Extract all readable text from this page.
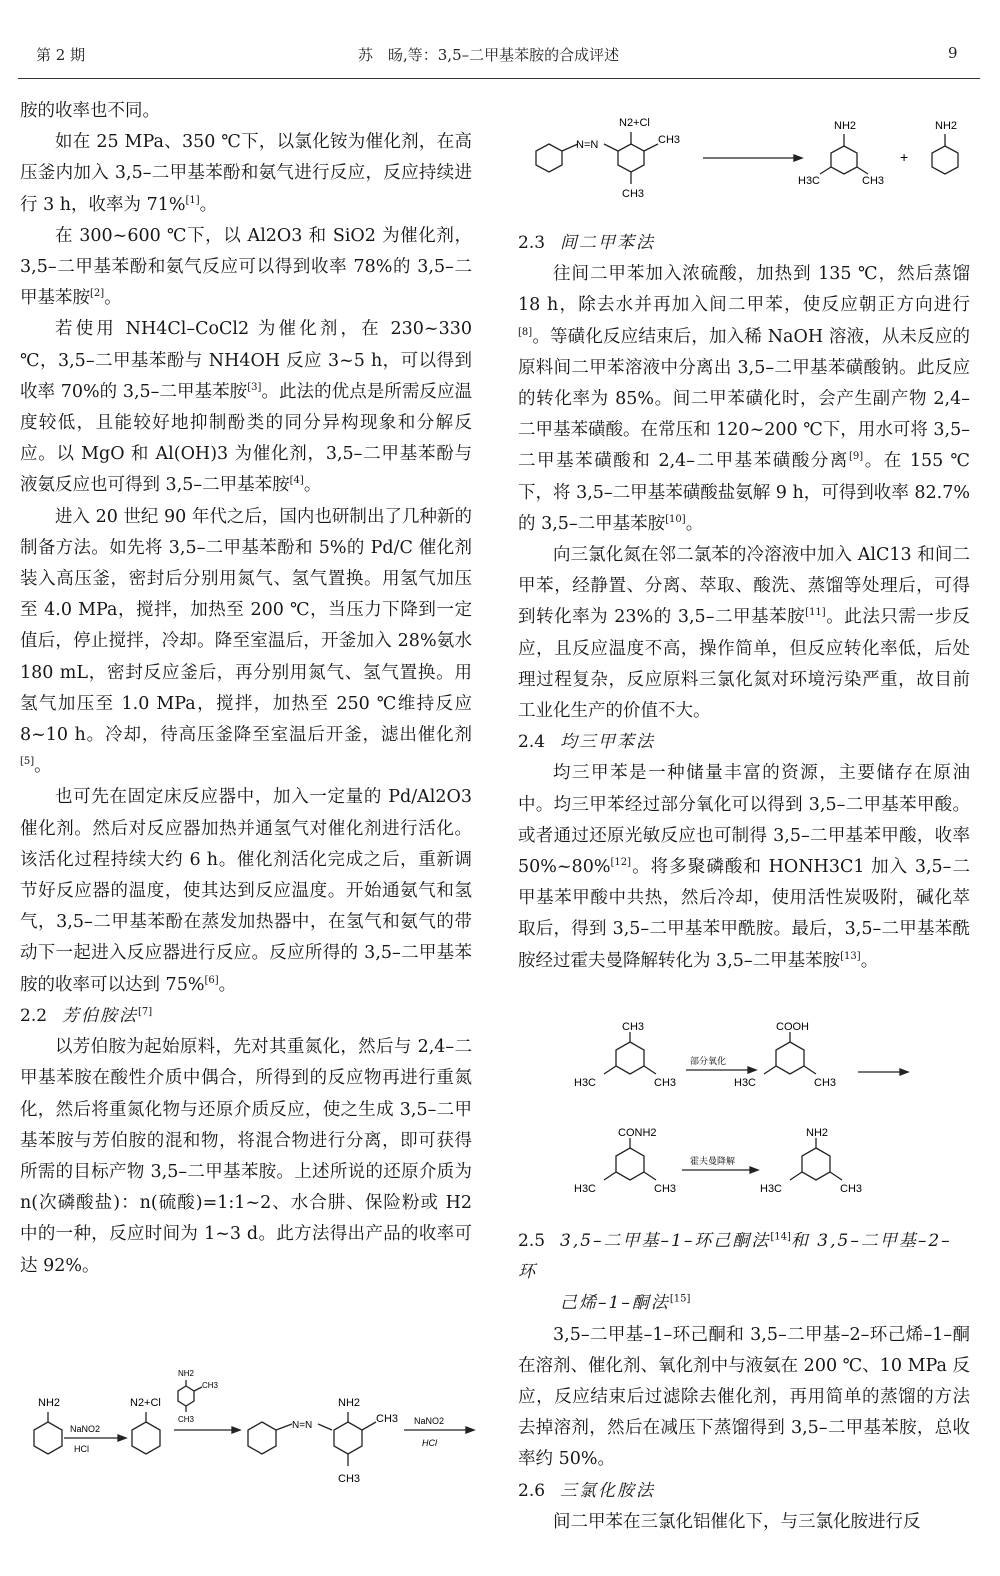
第 2 期	苏　旸,等：3,5–二甲基苯胺的合成评述	9

胺的收率也不同。

如在 25 MPa、350 ℃下，以氯化铵为催化剂，在高压釜内加入 3,5–二甲基苯酚和氨气进行反应，反应持续进行 3 h，收率为 71%[1]。

在 300~600 ℃下，以 Al2O3 和 SiO2 为催化剂，3,5–二甲基苯酚和氨气反应可以得到收率 78%的 3,5–二甲基苯胺[2]。

若使用 NH4Cl–CoCl2 为催化剂，在 230~330 ℃，3,5–二甲基苯酚与 NH4OH 反应 3~5 h，可以得到收率 70%的 3,5–二甲基苯胺[3]。此法的优点是所需反应温度较低，且能较好地抑制酚类的同分异构现象和分解反应。以 MgO 和 Al(OH)3 为催化剂，3,5–二甲基苯酚与液氨反应也可得到 3,5–二甲基苯胺[4]。

进入 20 世纪 90 年代之后，国内也研制出了几种新的制备方法。如先将 3,5–二甲基苯酚和 5%的 Pd/C 催化剂装入高压釜，密封后分别用氮气、氢气置换。用氢气加压至 4.0 MPa，搅拌，加热至 200 ℃，当压力下降到一定值后，停止搅拌，冷却。降至室温后，开釜加入 28%氨水 180 mL，密封反应釜后，再分别用氮气、氢气置换。用氢气加压至 1.0 MPa，搅拌，加热至 250 ℃维持反应 8~10 h。冷却，待高压釜降至室温后开釜，滤出催化剂[5]。

也可先在固定床反应器中，加入一定量的 Pd/Al2O3 催化剂。然后对反应器加热并通氢气对催化剂进行活化。该活化过程持续大约 6 h。催化剂活化完成之后，重新调节好反应器的温度，使其达到反应温度。开始通氨气和氢气，3,5–二甲基苯酚在蒸发加热器中，在氢气和氨气的带动下一起进入反应器进行反应。反应所得的 3,5–二甲基苯胺的收率可以达到 75%[6]。

2.2 芳伯胺法[7]

以芳伯胺为起始原料，先对其重氮化，然后与 2,4–二甲基苯胺在酸性介质中偶合，所得到的反应物再进行重氮化，然后将重氮化物与还原介质反应，使之生成 3,5–二甲基苯胺与芳伯胺的混和物，将混合物进行分离，即可获得所需的目标产物 3,5–二甲基苯胺。上述所说的还原介质为 n(次磷酸盐)：n(硫酸)=1:1~2、水合肼、保险粉或 H2 中的一种，反应时间为 1~3 d。此方法得出产品的收率可达 92%。

2.3 间二甲苯法

往间二甲苯加入浓硫酸，加热到 135 ℃，然后蒸馏 18 h，除去水并再加入间二甲苯，使反应朝正方向进行[8]。等磺化反应结束后，加入稀 NaOH 溶液，从未反应的原料间二甲苯溶液中分离出 3,5–二甲基苯磺酸钠。此反应的转化率为 85%。间二甲苯磺化时，会产生副产物 2,4–二甲基苯磺酸。在常压和 120~200 ℃下，用水可将 3,5–二甲基苯磺酸和 2,4–二甲基苯磺酸分离[9]。在 155 ℃下，将 3,5–二甲基苯磺酸盐氨解 9 h，可得到收率 82.7%的 3,5–二甲基苯胺[10]。

向三氯化氮在邻二氯苯的冷溶液中加入 AlC13 和间二甲苯，经静置、分离、萃取、酸洗、蒸馏等处理后，可得到转化率为 23%的 3,5–二甲基苯胺[11]。此法只需一步反应，且反应温度不高，操作简单，但反应转化率低，后处理过程复杂，反应原料三氯化氮对环境污染严重，故目前工业化生产的价值不大。

2.4 均三甲苯法

均三甲苯是一种储量丰富的资源，主要储存在原油中。均三甲苯经过部分氧化可以得到 3,5–二甲基苯甲酸。或者通过还原光敏反应也可制得 3,5–二甲基苯甲酸，收率 50%~80%[12]。将多聚磷酸和 HONH3C1 加入 3,5–二甲基苯甲酸中共热，然后冷却，使用活性炭吸附，碱化萃取后，得到 3,5–二甲基苯甲酰胺。最后，3,5–二甲基苯酰胺经过霍夫曼降解转化为 3,5–二甲基苯胺[13]。

2.5 3,5–二甲基–1–环己酮法[14]和 3,5–二甲基–2–环

己烯–1–酮法[15]

3,5–二甲基–1–环己酮和 3,5–二甲基–2–环己烯–1–酮在溶剂、催化剂、氧化剂中与液氨在 200 ℃、10 MPa 反应，反应结束后过滤除去催化剂，再用简单的蒸馏的方法去掉溶剂，然后在减压下蒸馏得到 3,5–二甲基苯胺，总收率约 50%。

2.6 三氯化胺法

间二甲苯在三氯化铝催化下，与三氯化胺进行反

N=N
N2+Cl
CH3
CH3
NH2
H3C	CH3
+
NH2
CH3
H3C	CH3
部分氧化
COOH
H3C	CH3
CONH2
H3C	CH3
霍夫曼降解
NH2
H3C	CH3
NH2
NaNO2
HCl
N2+Cl
NH2
CH3
CH3
N=N
NH2
CH3
CH3
NaNO2
HCl
